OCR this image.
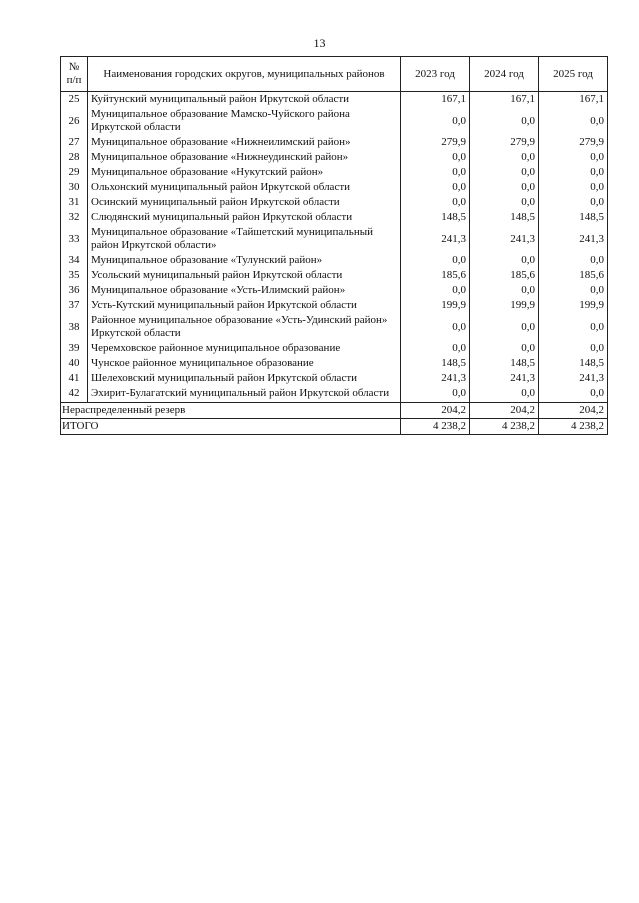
13
№ п/п	Наименования городских округов, муниципальных районов	2023 год	2024 год	2025 год
25	Куйтунский муниципальный район Иркутской области	167,1	167,1	167,1
26	Муниципальное образование Мамско-Чуйского района Иркутской области	0,0	0,0	0,0
27	Муниципальное образование «Нижнеилимский район»	279,9	279,9	279,9
28	Муниципальное образование «Нижнеудинский район»	0,0	0,0	0,0
29	Муниципальное образование «Нукутский район»	0,0	0,0	0,0
30	Ольхонский муниципальный район Иркутской области	0,0	0,0	0,0
31	Осинский муниципальный район Иркутской области	0,0	0,0	0,0
32	Слюдянский муниципальный район Иркутской области	148,5	148,5	148,5
33	Муниципальное образование «Тайшетский муниципальный район Иркутской области»	241,3	241,3	241,3
34	Муниципальное образование «Тулунский район»	0,0	0,0	0,0
35	Усольский муниципальный район Иркутской области	185,6	185,6	185,6
36	Муниципальное образование «Усть-Илимский район»	0,0	0,0	0,0
37	Усть-Кутский муниципальный район Иркутской области	199,9	199,9	199,9
38	Районное муниципальное образование «Усть-Удинский район» Иркутской области	0,0	0,0	0,0
39	Черемховское районное муниципальное образование	0,0	0,0	0,0
40	Чунское районное муниципальное образование	148,5	148,5	148,5
41	Шелеховский муниципальный район Иркутской области	241,3	241,3	241,3
42	Эхирит-Булагатский муниципальный район Иркутской области	0,0	0,0	0,0
Нераспределенный резерв		204,2	204,2	204,2
ИТОГО		4 238,2	4 238,2	4 238,2
